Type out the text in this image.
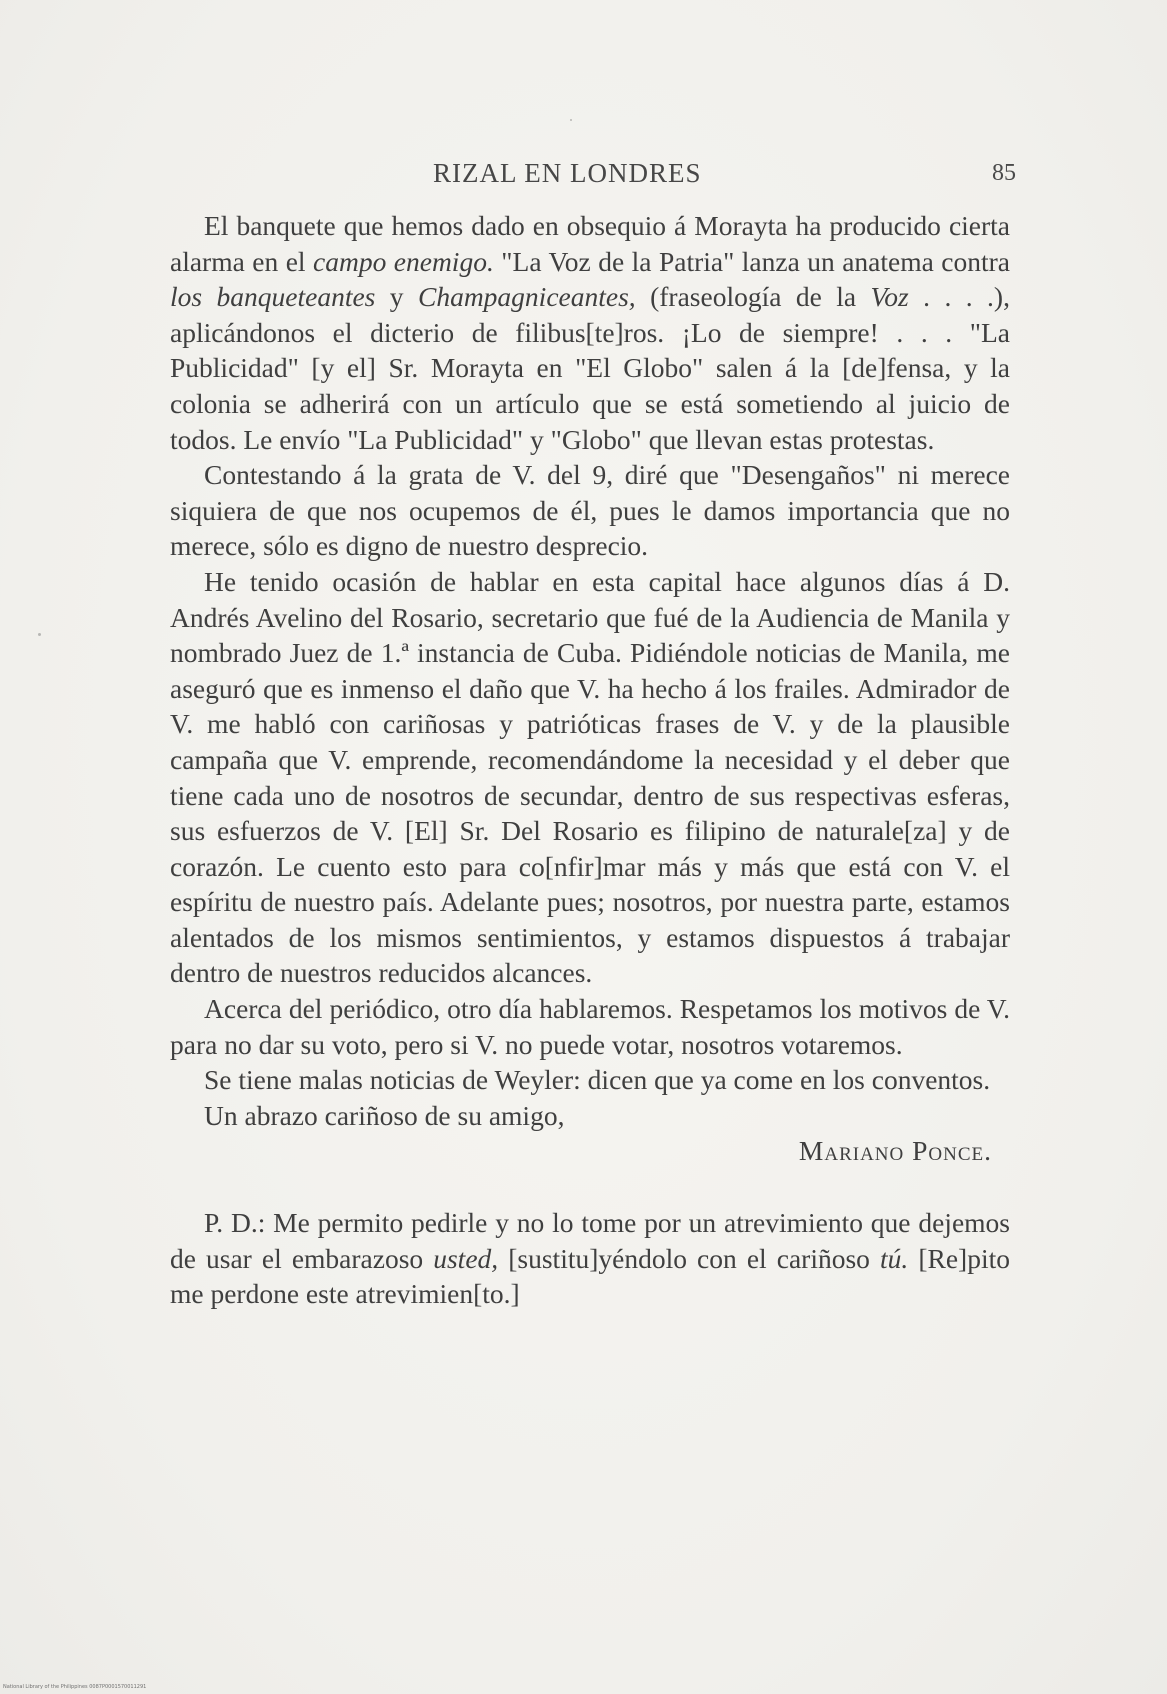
RIZAL EN LONDRES	85

El banquete que hemos dado en obsequio á Morayta ha producido cierta alarma en el campo enemigo. "La Voz de la Patria" lanza un anatema contra los banqueteantes y Champagniceantes, (fraseología de la Voz . . . .), aplicándonos el dicterio de filibus[te]ros. ¡Lo de siempre! . . . "La Publicidad" [y el] Sr. Morayta en "El Globo" salen á la [de]fensa, y la colonia se adherirá con un artículo que se está sometiendo al juicio de todos. Le envío "La Publicidad" y "Globo" que llevan estas protestas.

Contestando á la grata de V. del 9, diré que "Desengaños" ni merece siquiera de que nos ocupemos de él, pues le damos importancia que no merece, sólo es digno de nuestro desprecio.

He tenido ocasión de hablar en esta capital hace algunos días á D. Andrés Avelino del Rosario, secretario que fué de la Audiencia de Manila y nombrado Juez de 1.ª instancia de Cuba. Pidiéndole noticias de Manila, me aseguró que es inmenso el daño que V. ha hecho á los frailes. Admirador de V. me habló con cariñosas y patrióticas frases de V. y de la plausible campaña que V. emprende, recomendándome la necesidad y el deber que tiene cada uno de nosotros de secundar, dentro de sus respectivas esferas, sus esfuerzos de V. [El] Sr. Del Rosario es filipino de naturale[za] y de corazón. Le cuento esto para co[nfir]mar más y más que está con V. el espíritu de nuestro país. Adelante pues; nosotros, por nuestra parte, estamos alentados de los mismos sentimientos, y estamos dispuestos á trabajar dentro de nuestros reducidos alcances.

Acerca del periódico, otro día hablaremos. Respetamos los motivos de V. para no dar su voto, pero si V. no puede votar, nosotros votaremos.

Se tiene malas noticias de Weyler: dicen que ya come en los conventos.

Un abrazo cariñoso de su amigo,

Mariano Ponce.

P. D.: Me permito pedirle y no lo tome por un atrevimiento que dejemos de usar el embarazoso usted, [sustitu]yéndolo con el cariñoso tú. [Re]pito me perdone este atrevimien[to.]

National Library of the Philippines 0087P0001570011291
